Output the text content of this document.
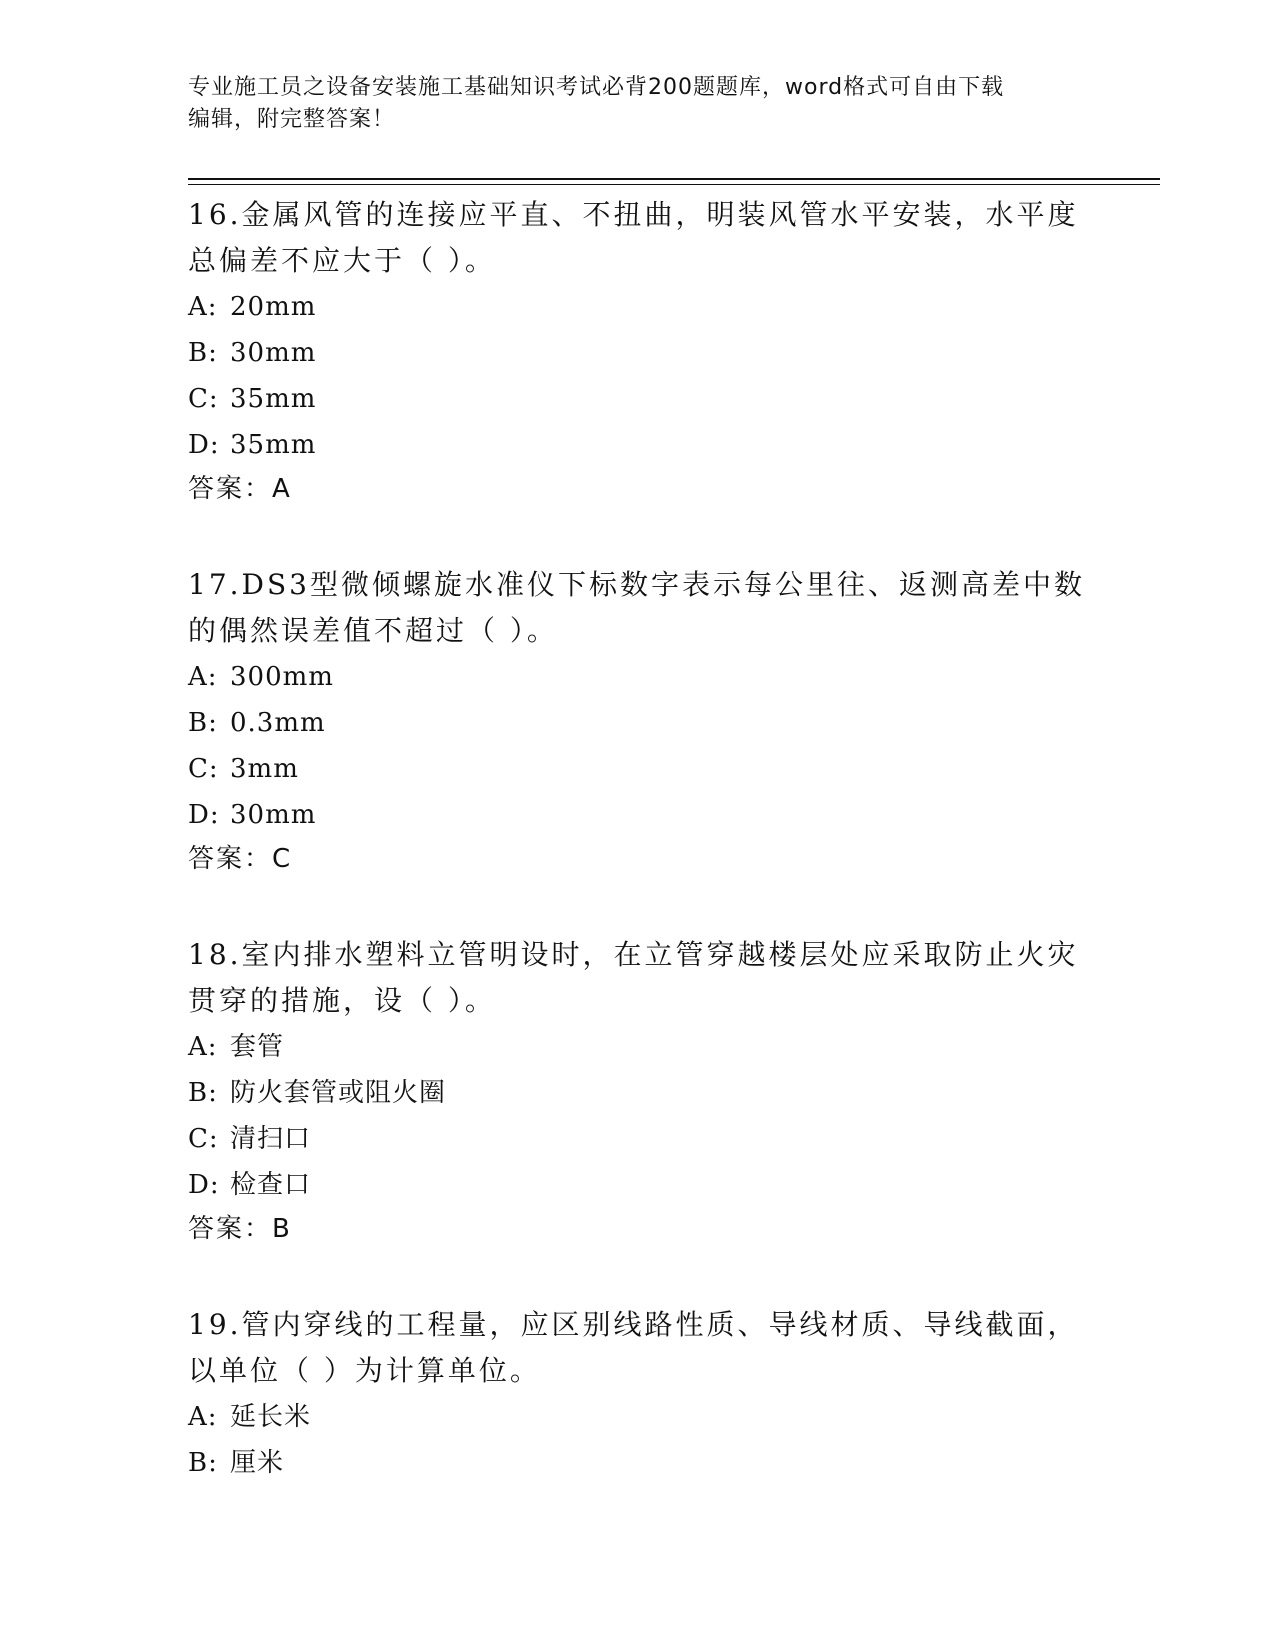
专业施工员之设备安装施工基础知识考试必背200题题库，word格式可自由下载
编辑，附完整答案！

16.金属风管的连接应平直、不扭曲，明装风管水平安装，水平度总偏差不应大于（ ）。

A: 20mm

B: 30mm

C: 35mm

D: 35mm

答案：A

17.DS3型微倾螺旋水准仪下标数字表示每公里往、返测高差中数的偶然误差值不超过（ ）。

A: 300mm

B: 0.3mm

C: 3mm

D: 30mm

答案：C

18.室内排水塑料立管明设时，在立管穿越楼层处应采取防止火灾贯穿的措施，设（ ）。

A: 套管

B: 防火套管或阻火圈

C: 清扫口

D: 检查口

答案：B

19.管内穿线的工程量，应区别线路性质、导线材质、导线截面，以单位（ ）为计算单位。

A: 延长米

B: 厘米
